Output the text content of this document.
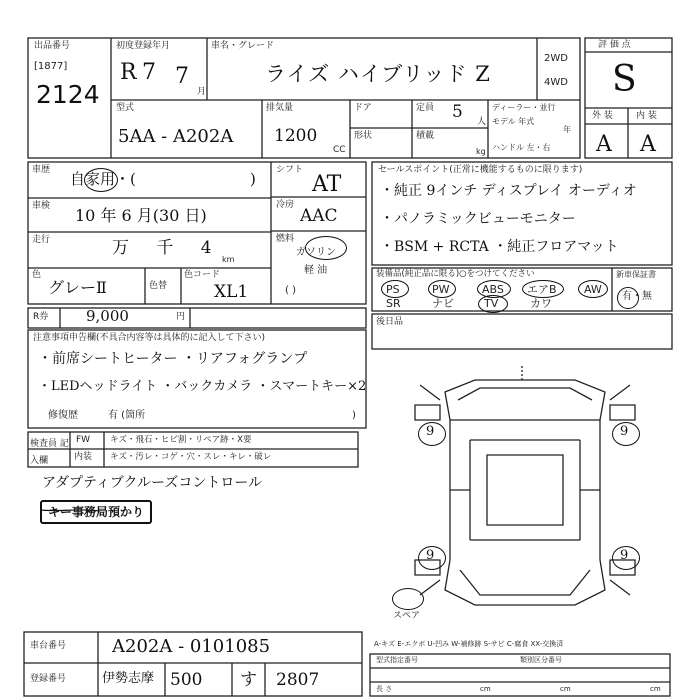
出品番号
[1877]
2124
初度登録年月
R 7 7
月
車名・グレード
ライズ ハイブリッド Z
2WD
4WD
型式
5AA - A202A
排気量
1200
CC
ドア
形状
定員 5 人
積載
kg
ディーラー・並行
モデル 年式
年
ハンドル 左・右
評 価 点
S
外 装	内 装
A A
車歴 自家用・(	)
車検 10 年 6 月(30 日)
走行	万 千 4
km
色
グレーⅡ	色替
色コード
XL1
シフト
AT
冷房
AAC
燃料
ガソリン
軽 油
( )
セールスポイント(正常に機能するものに限ります)
・純正 9インチ ディスプレイ オーディオ
・パノラミックビューモニター
・BSM + RCTA ・純正フロアマット
装備品(純正品に限る)○をつけてください
PS	PW	ABS エアB AW
SR	ナビ	TV	カワ
新車保証書
有・無
R券	9,000	円
注意事項申告欄(不具合内容等は具体的に記入して下さい)
・前席シートヒーター ・リアフォグランプ
・LEDヘッドライト ・バックカメラ ・スマートキー×2
修復歴	有 (箇所	)
後日品
9	9
9	9
スペア
A-キズ E-エクボ U-凹み W-補修跡 S-サビ C-腐食 XX-交換済
検査員 記入欄
FW キズ・飛石・ヒビ割・リペア跡・X要
内装 キズ・汚レ・コゲ・穴・スレ・キレ・破レ
アダプティブクルーズコントロール
キー事務局預かり
車台番号	A202A - 0101085
登録番号	伊勢志摩 500 す 2807
型式指定番号	類別区分番号
長 さ	cm	cm	cm
